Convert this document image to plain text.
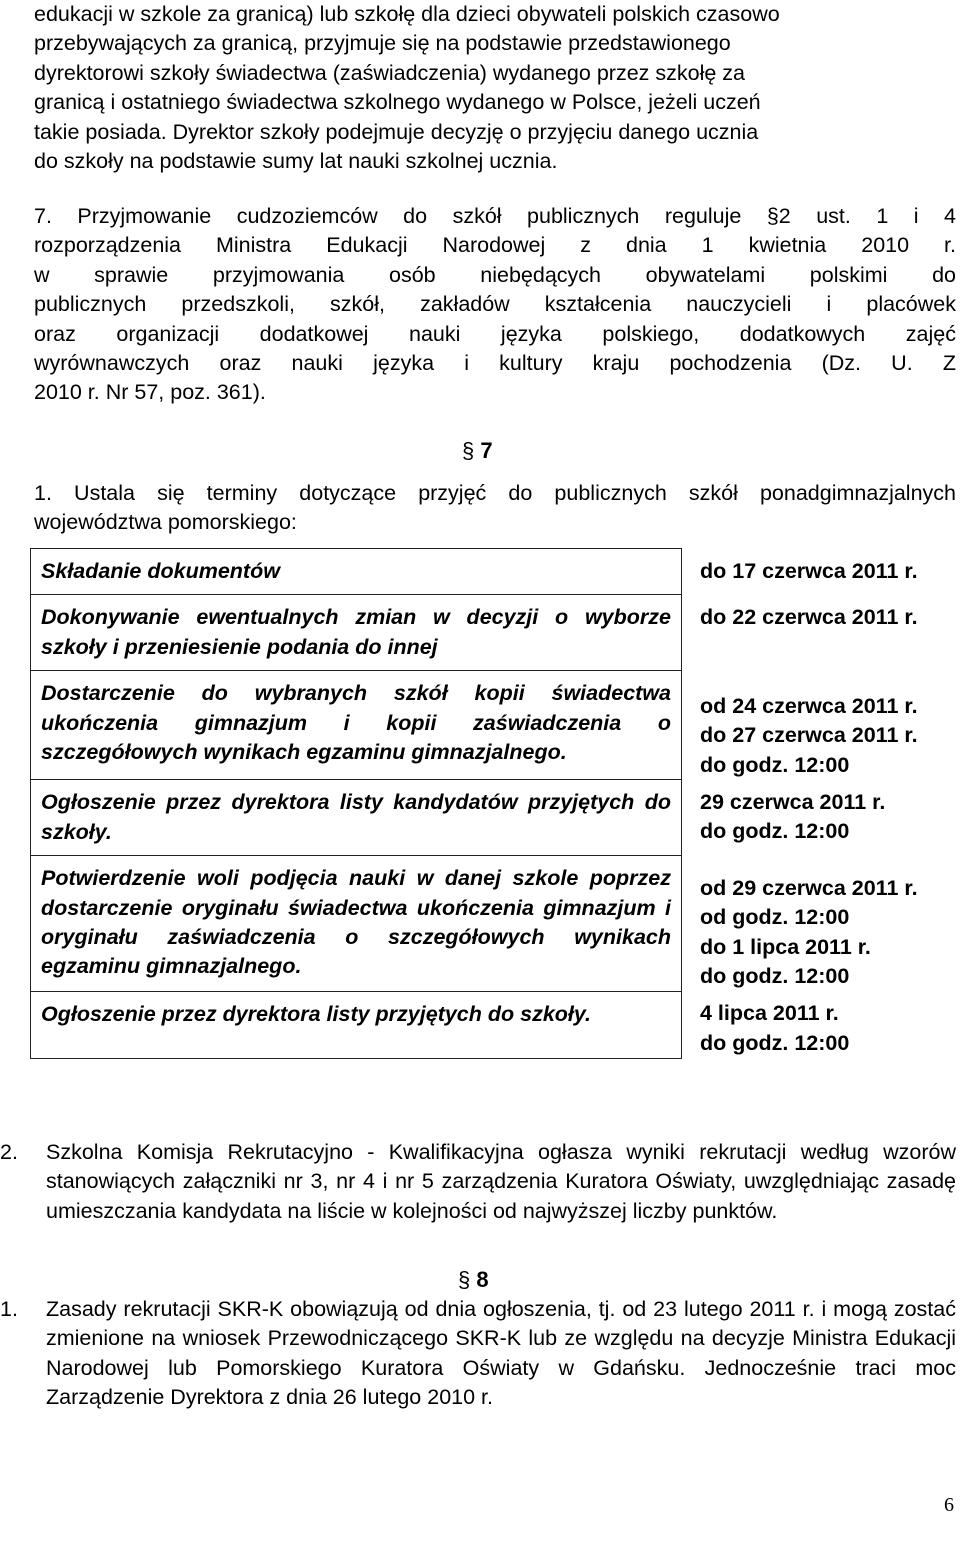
edukacji w szkole za granicą) lub szkołę dla dzieci obywateli polskich czasowo

przebywających za granicą, przyjmuje się na podstawie przedstawionego

dyrektorowi szkoły świadectwa (zaświadczenia) wydanego przez szkołę za

granicą i ostatniego świadectwa szkolnego wydanego w Polsce, jeżeli uczeń

takie posiada. Dyrektor szkoły podejmuje decyzję o przyjęciu danego ucznia

do szkoły na podstawie sumy lat nauki szkolnej ucznia.

7. Przyjmowanie cudzoziemców do szkół publicznych reguluje §2 ust. 1 i 4

rozporządzenia Ministra Edukacji Narodowej z dnia 1 kwietnia 2010 r.

w sprawie przyjmowania osób niebędących obywatelami polskimi do

publicznych przedszkoli, szkół, zakładów kształcenia nauczycieli i placówek

oraz organizacji dodatkowej nauki języka polskiego, dodatkowych zajęć

wyrównawczych oraz nauki języka i kultury kraju pochodzenia (Dz. U. Z

2010 r. Nr 57, poz. 361).

§ 7

1. Ustala się terminy dotyczące przyjęć do publicznych szkół ponadgimnazjalnych

województwa pomorskiego:

Składanie dokumentów	do 17 czerwca 2011 r.

Dokonywanie ewentualnych zmian w decyzji o wyborze szkoły i przeniesienie podania do innej	do 22 czerwca 2011 r.

Dostarczenie do wybranych szkół kopii świadectwa ukończenia gimnazjum i kopii zaświadczenia o szczegółowych wynikach egzaminu gimnazjalnego.	od 24 czerwca 2011 r.
do 27 czerwca 2011 r.
do godz. 12:00

Ogłoszenie przez dyrektora listy kandydatów przyjętych do szkoły.	29 czerwca 2011 r.
do godz. 12:00

Potwierdzenie woli podjęcia nauki w danej szkole poprzez dostarczenie oryginału świadectwa ukończenia gimnazjum i oryginału zaświadczenia o szczegółowych wynikach egzaminu gimnazjalnego.	od 29 czerwca 2011 r.
od godz. 12:00
do 1 lipca 2011 r.
do godz. 12:00

Ogłoszenie przez dyrektora listy przyjętych do szkoły.	4 lipca 2011 r.
do godz. 12:00
2.	Szkolna Komisja Rekrutacyjno - Kwalifikacyjna ogłasza wyniki rekrutacji według wzorów stanowiących załączniki nr 3, nr 4 i nr 5 zarządzenia Kuratora Oświaty, uwzględniając zasadę umieszczania kandydata na liście w kolejności od najwyższej liczby punktów.

§ 8
1.	Zasady rekrutacji SKR-K obowiązują od dnia ogłoszenia, tj. od 23 lutego 2011 r. i mogą zostać zmienione na wniosek Przewodniczącego SKR-K lub ze względu na decyzje Ministra Edukacji Narodowej lub Pomorskiego Kuratora Oświaty w Gdańsku. Jednocześnie traci moc Zarządzenie Dyrektora z dnia 26 lutego 2010 r.

6
